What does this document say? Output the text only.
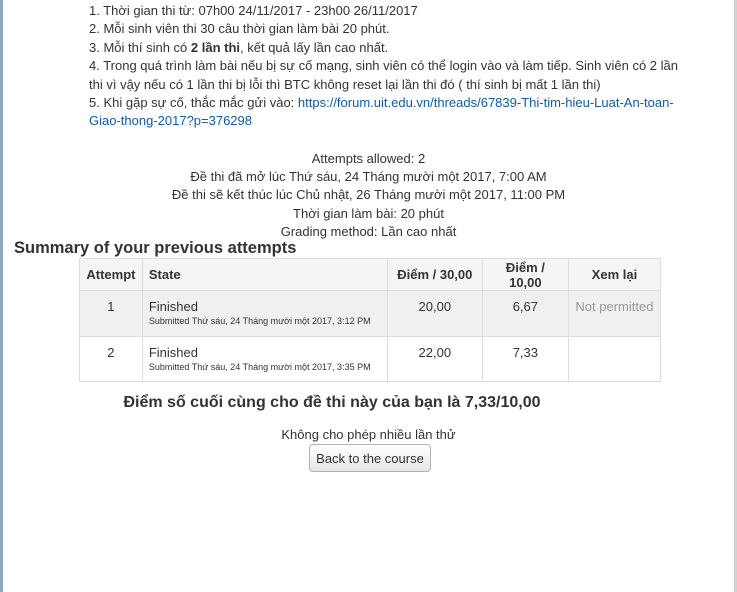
1. Thời gian thi từ: 07h00 24/11/2017 - 23h00 26/11/2017

2. Mỗi sinh viên thi 30 câu thời gian làm bài 20 phút.

3. Mỗi thí sinh có 2 lần thi, kết quả lấy lần cao nhất.

4. Trong quá trình làm bài nếu bị sự cố mạng, sinh viên có thể login vào và làm tiếp. Sinh viên có 2 lần thi vì vậy nếu có 1 lần thi bị lỗi thì BTC không reset lại lần thi đó ( thí sinh bị mất 1 lần thi)

5. Khi gặp sự cố, thắc mắc gửi vào: https://forum.uit.edu.vn/threads/67839-Thi-tim-hieu-Luat-An-toan-Giao-thong-2017?p=376298

Attempts allowed: 2
Đề thi đã mở lúc Thứ sáu, 24 Tháng mười một 2017, 7:00 AM
Đề thi sẽ kết thúc lúc Chủ nhật, 26 Tháng mười một 2017, 11:00 PM
Thời gian làm bài: 20 phút
Grading method: Lần cao nhất
Summary of your previous attempts
Attempt	State	Điểm / 30,00	Điểm / 10,00	Xem lại
1	Finished
Submitted Thứ sáu, 24 Tháng mười một 2017, 3:12 PM	20,00	6,67	Not permitted
2	Finished
Submitted Thứ sáu, 24 Tháng mười một 2017, 3:35 PM	22,00	7,33	
Điểm số cuối cùng cho đề thi này của bạn là 7,33/10,00
Không cho phép nhiều lần thử
Back to the course
